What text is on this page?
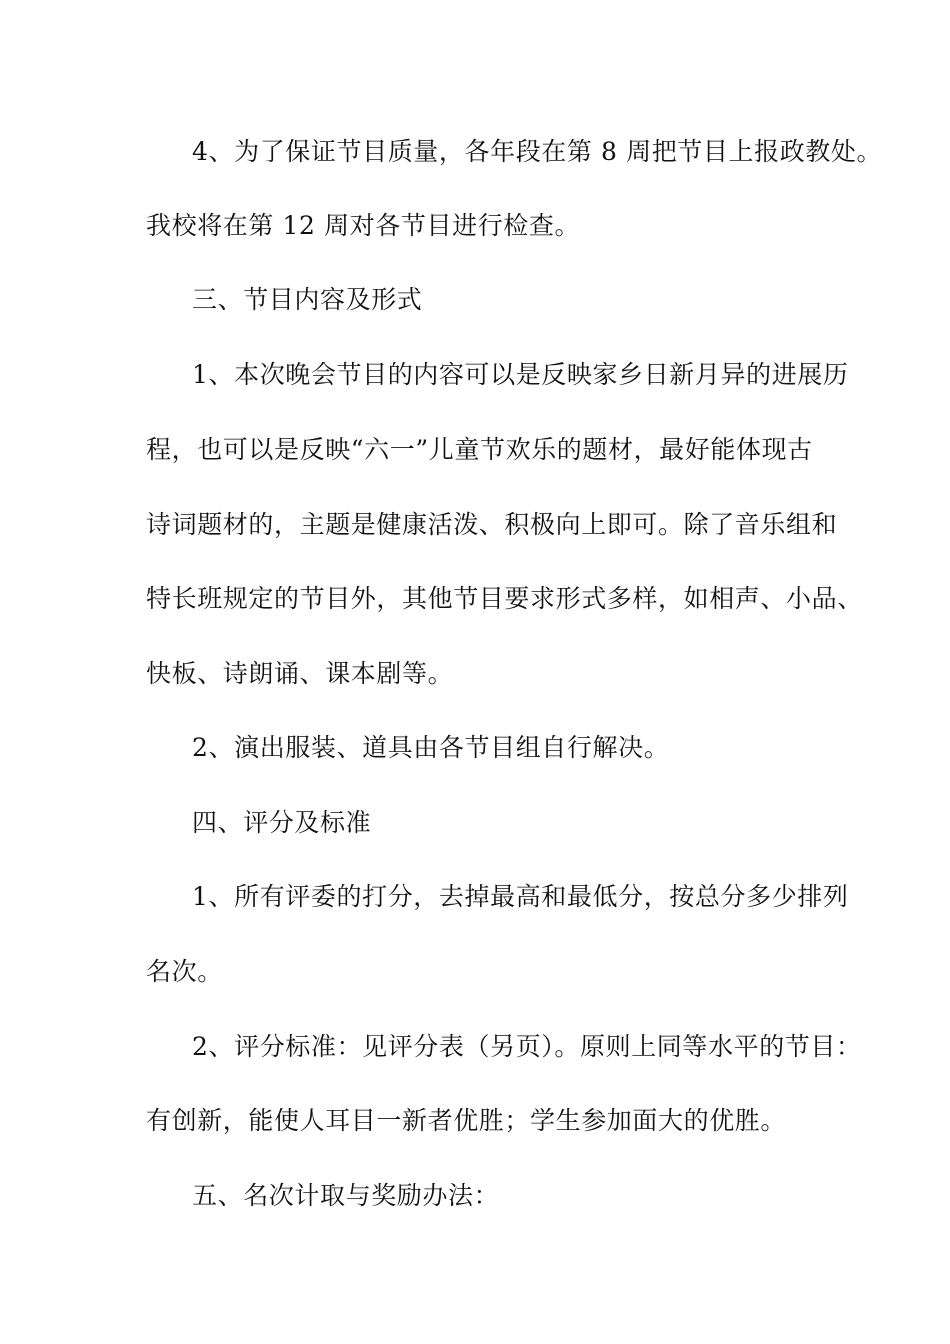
4、为了保证节目质量，各年段在第 8 周把节目上报政教处。
我校将在第 12 周对各节目进行检查。
三、节目内容及形式
1、本次晚会节目的内容可以是反映家乡日新月异的进展历
程，也可以是反映“六一”儿童节欢乐的题材，最好能体现古
诗词题材的，主题是健康活泼、积极向上即可。除了音乐组和
特长班规定的节目外，其他节目要求形式多样，如相声、小品、
快板、诗朗诵、课本剧等。
2、演出服装、道具由各节目组自行解决。
四、评分及标准
1、所有评委的打分，去掉最高和最低分，按总分多少排列
名次。
2、评分标准：见评分表（另页）。原则上同等水平的节目：
有创新，能使人耳目一新者优胜；学生参加面大的优胜。
五、名次计取与奖励办法：
